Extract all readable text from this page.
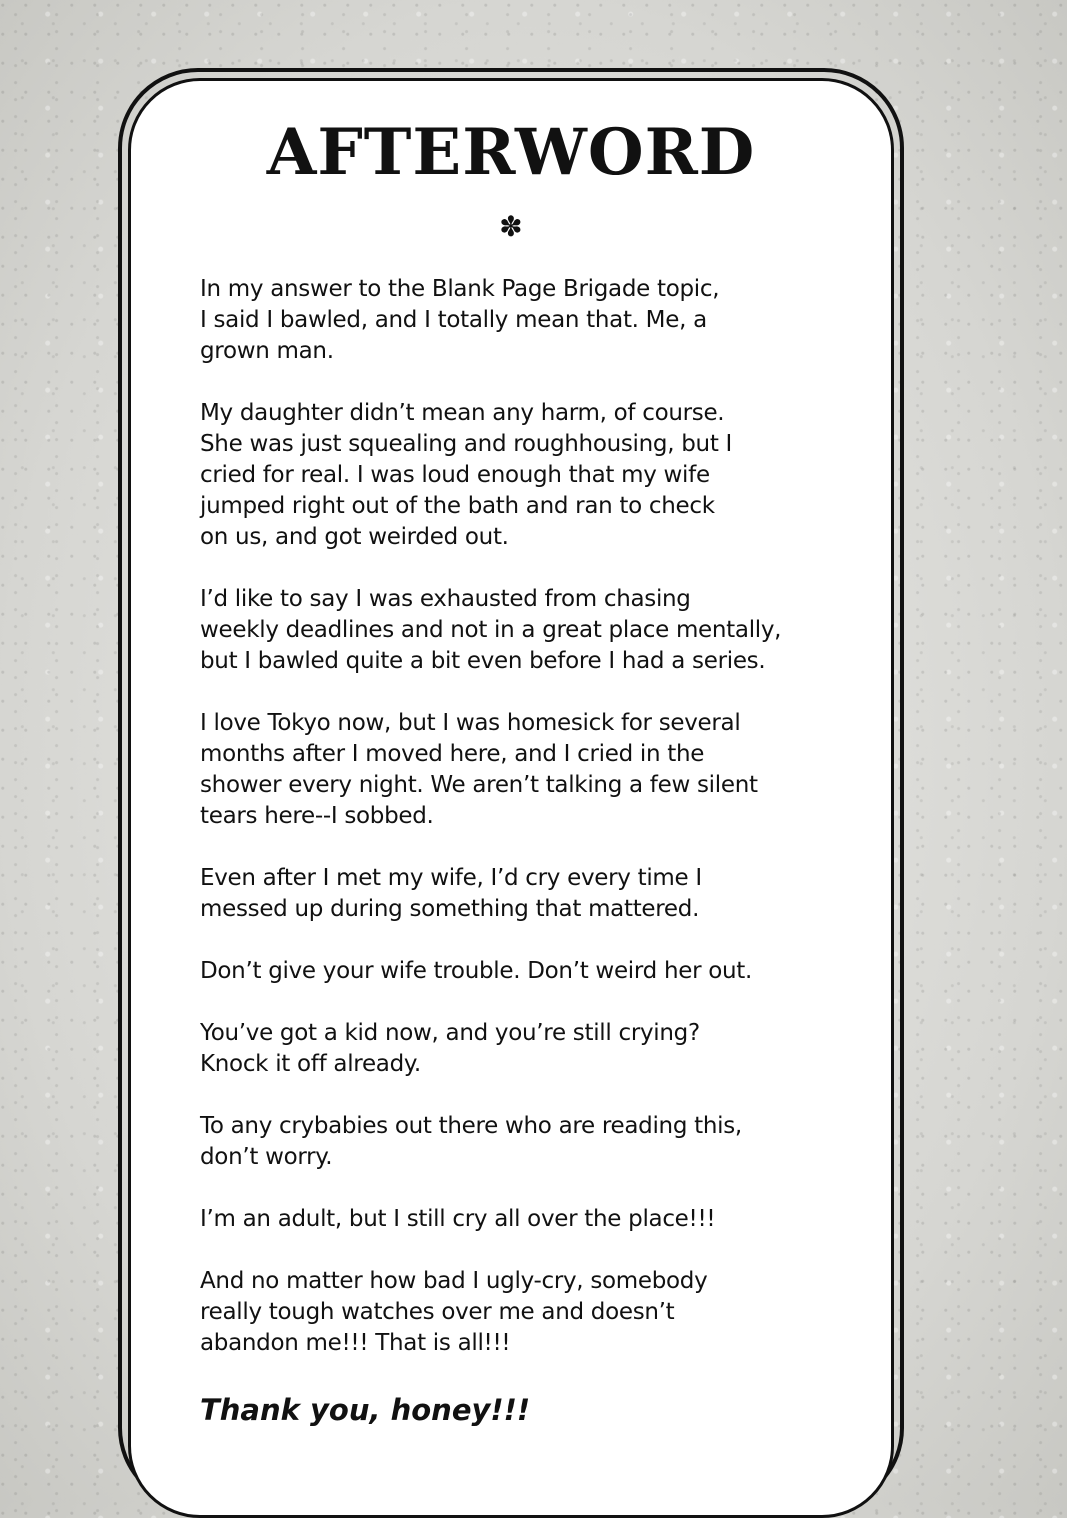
AFTERWORD
✽

In my answer to the Blank Page Brigade topic,
I said I bawled, and I totally mean that. Me, a
grown man.

My daughter didn’t mean any harm, of course.
She was just squealing and roughhousing, but I
cried for real. I was loud enough that my wife
jumped right out of the bath and ran to check
on us, and got weirded out.

I’d like to say I was exhausted from chasing
weekly deadlines and not in a great place mentally,
but I bawled quite a bit even before I had a series.

I love Tokyo now, but I was homesick for several
months after I moved here, and I cried in the
shower every night. We aren’t talking a few silent
tears here--I sobbed.

Even after I met my wife, I’d cry every time I
messed up during something that mattered.

Don’t give your wife trouble. Don’t weird her out.

You’ve got a kid now, and you’re still crying?
Knock it off already.

To any crybabies out there who are reading this,
don’t worry.

I’m an adult, but I still cry all over the place!!!

And no matter how bad I ugly-cry, somebody
really tough watches over me and doesn’t
abandon me!!! That is all!!!

Thank you, honey!!!
